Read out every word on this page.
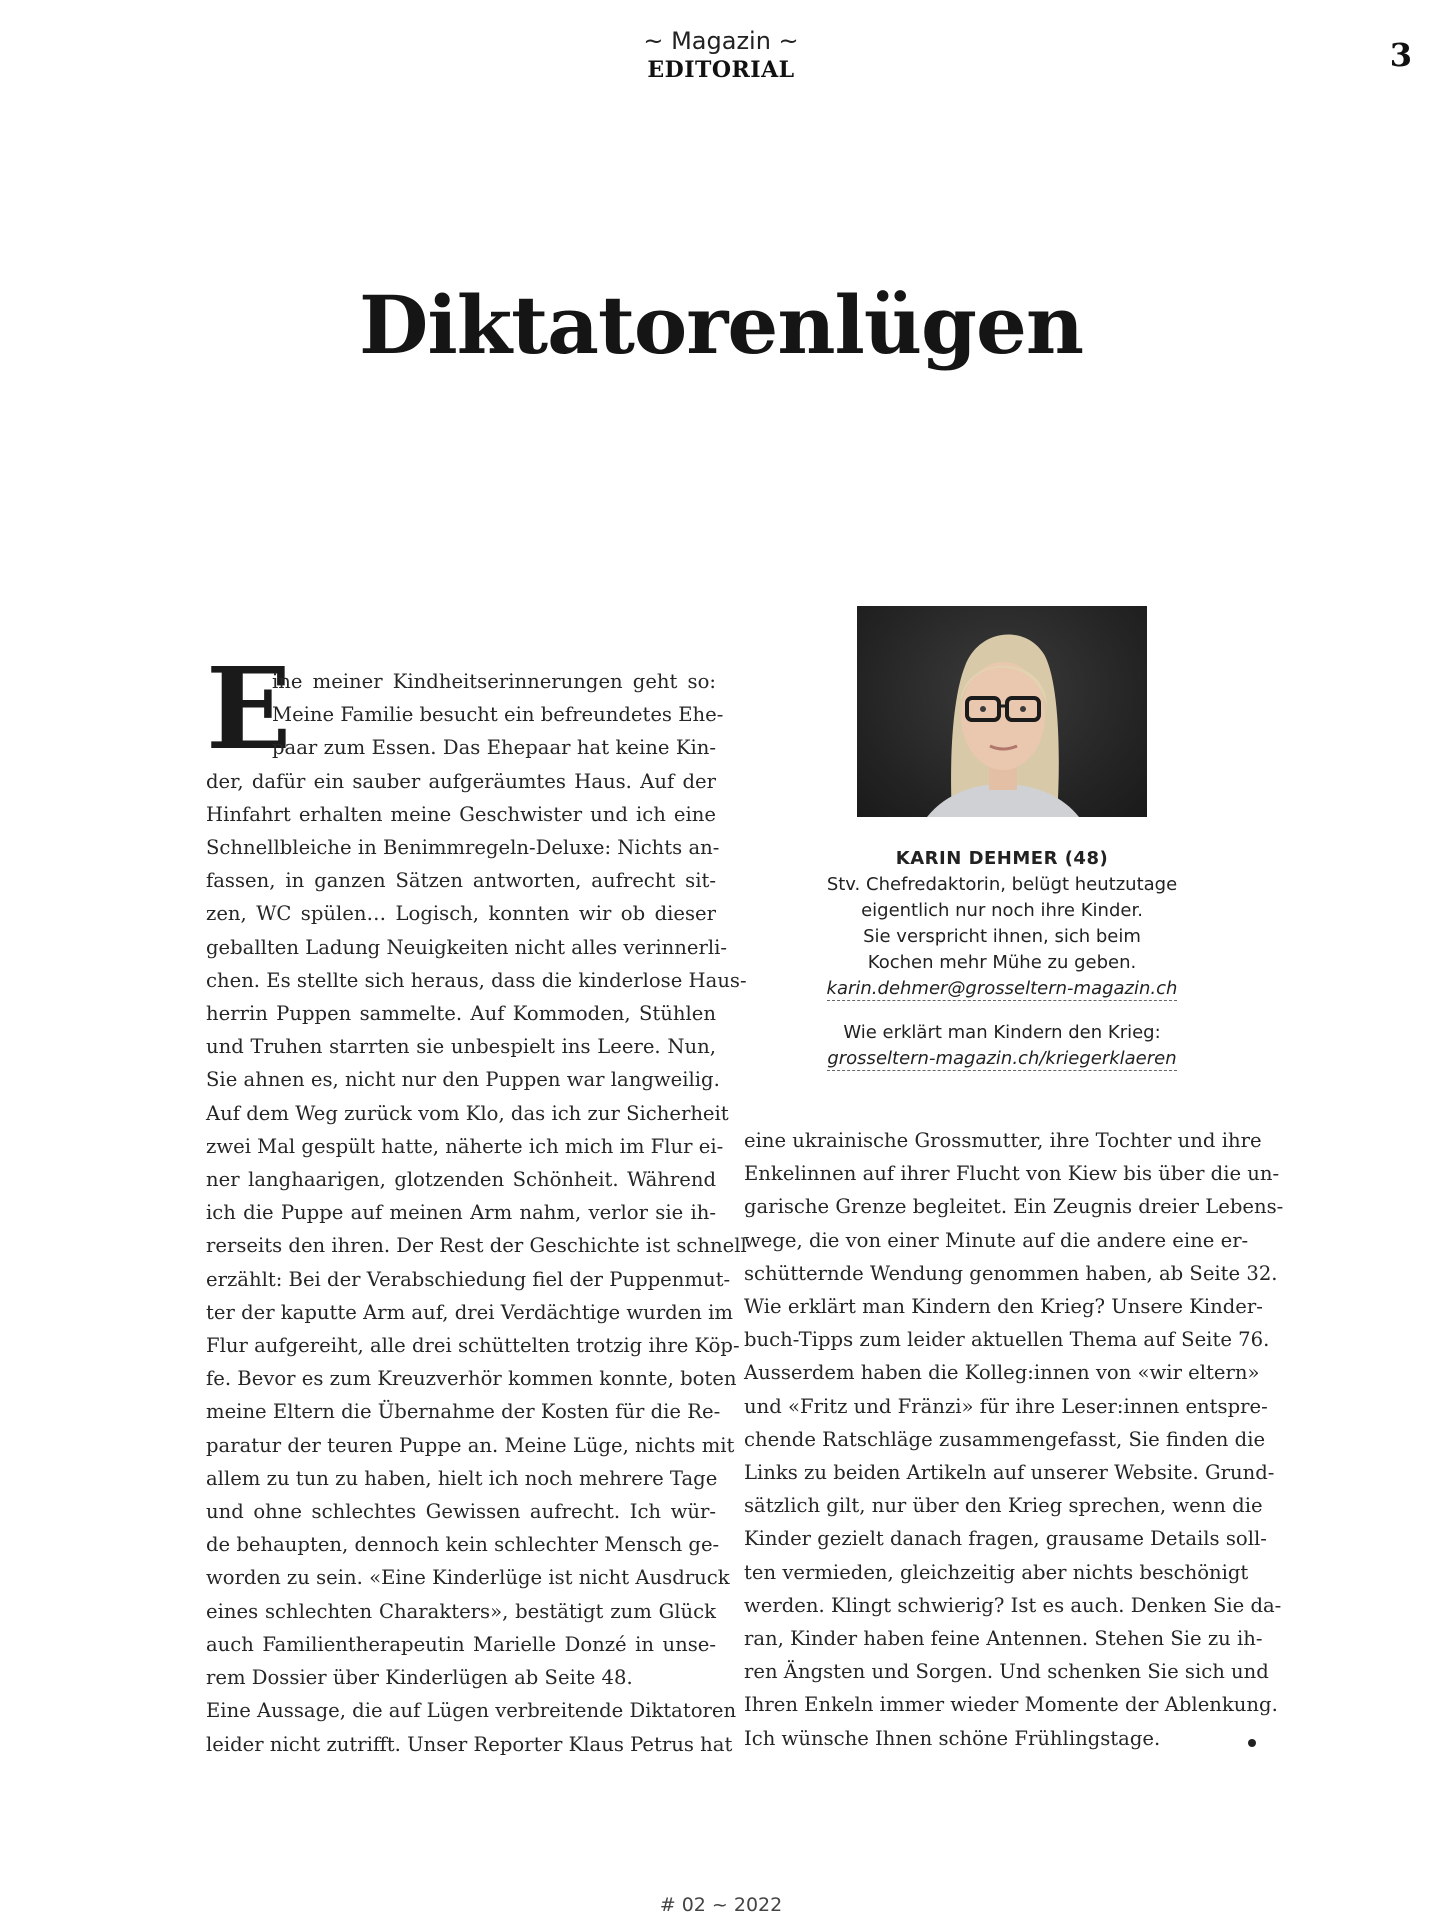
~ Magazin ~
EDITORIAL	3
Diktatorenlügen
E
ine meiner Kindheitserinnerungen geht so:
Meine Familie besucht ein befreundetes Ehe-
paar zum Essen. Das Ehepaar hat keine Kin-
der, dafür ein sauber aufgeräumtes Haus. Auf der
Hinfahrt erhalten meine Geschwister und ich eine
Schnellbleiche in Benimmregeln-Deluxe: Nichts an-
fassen, in ganzen Sätzen antworten, aufrecht sit-
zen, WC spülen… Logisch, konnten wir ob dieser
geballten Ladung Neuigkeiten nicht alles verinnerli-
chen. Es stellte sich heraus, dass die kinderlose Haus-
herrin Puppen sammelte. Auf Kommoden, Stühlen
und Truhen starrten sie unbespielt ins Leere. Nun,
Sie ahnen es, nicht nur den Puppen war langweilig.
Auf dem Weg zurück vom Klo, das ich zur Sicherheit
zwei Mal gespült hatte, näherte ich mich im Flur ei-
ner langhaarigen, glotzenden Schönheit. Während
ich die Puppe auf meinen Arm nahm, verlor sie ih-
rerseits den ihren. Der Rest der Geschichte ist schnell
erzählt: Bei der Verabschiedung fiel der Puppenmut-
ter der kaputte Arm auf, drei Verdächtige wurden im
Flur aufgereiht, alle drei schüttelten trotzig ihre Köp-
fe. Bevor es zum Kreuzverhör kommen konnte, boten
meine Eltern die Übernahme der Kosten für die Re-
paratur der teuren Puppe an. Meine Lüge, nichts mit
allem zu tun zu haben, hielt ich noch mehrere Tage
und ohne schlechtes Gewissen aufrecht. Ich wür-
de behaupten, dennoch kein schlechter Mensch ge-
worden zu sein. «Eine Kinderlüge ist nicht Ausdruck
eines schlechten Charakters», bestätigt zum Glück
auch Familientherapeutin Marielle Donzé in unse-
rem Dossier über Kinderlügen ab Seite 48.
Eine Aussage, die auf Lügen verbreitende Diktatoren
leider nicht zutrifft. Unser Reporter Klaus Petrus hat
eine ukrainische Grossmutter, ihre Tochter und ihre
Enkelinnen auf ihrer Flucht von Kiew bis über die un-
garische Grenze begleitet. Ein Zeugnis dreier Lebens-
wege, die von einer Minute auf die andere eine er-
schütternde Wendung genommen haben, ab Seite 32.
Wie erklärt man Kindern den Krieg? Unsere Kinder-
buch-Tipps zum leider aktuellen Thema auf Seite 76.
Ausserdem haben die Kolleg:innen von «wir eltern»
und «Fritz und Fränzi» für ihre Leser:innen entspre-
chende Ratschläge zusammengefasst, Sie finden die
Links zu beiden Artikeln auf unserer Website. Grund-
sätzlich gilt, nur über den Krieg sprechen, wenn die
Kinder gezielt danach fragen, grausame Details soll-
ten vermieden, gleichzeitig aber nichts beschönigt
werden. Klingt schwierig? Ist es auch. Denken Sie da-
ran, Kinder haben feine Antennen. Stehen Sie zu ih-
ren Ängsten und Sorgen. Und schenken Sie sich und
Ihren Enkeln immer wieder Momente der Ablenkung.
Ich wünsche Ihnen schöne Frühlingstage.
KARIN DEHMER (48)
Stv. Chefredaktorin, belügt heutzutage
eigentlich nur noch ihre Kinder.
Sie verspricht ihnen, sich beim
Kochen mehr Mühe zu geben.
karin.dehmer@grosseltern-magazin.ch
Wie erklärt man Kindern den Krieg:
grosseltern-magazin.ch/kriegerklaeren
# 02 ~ 2022
